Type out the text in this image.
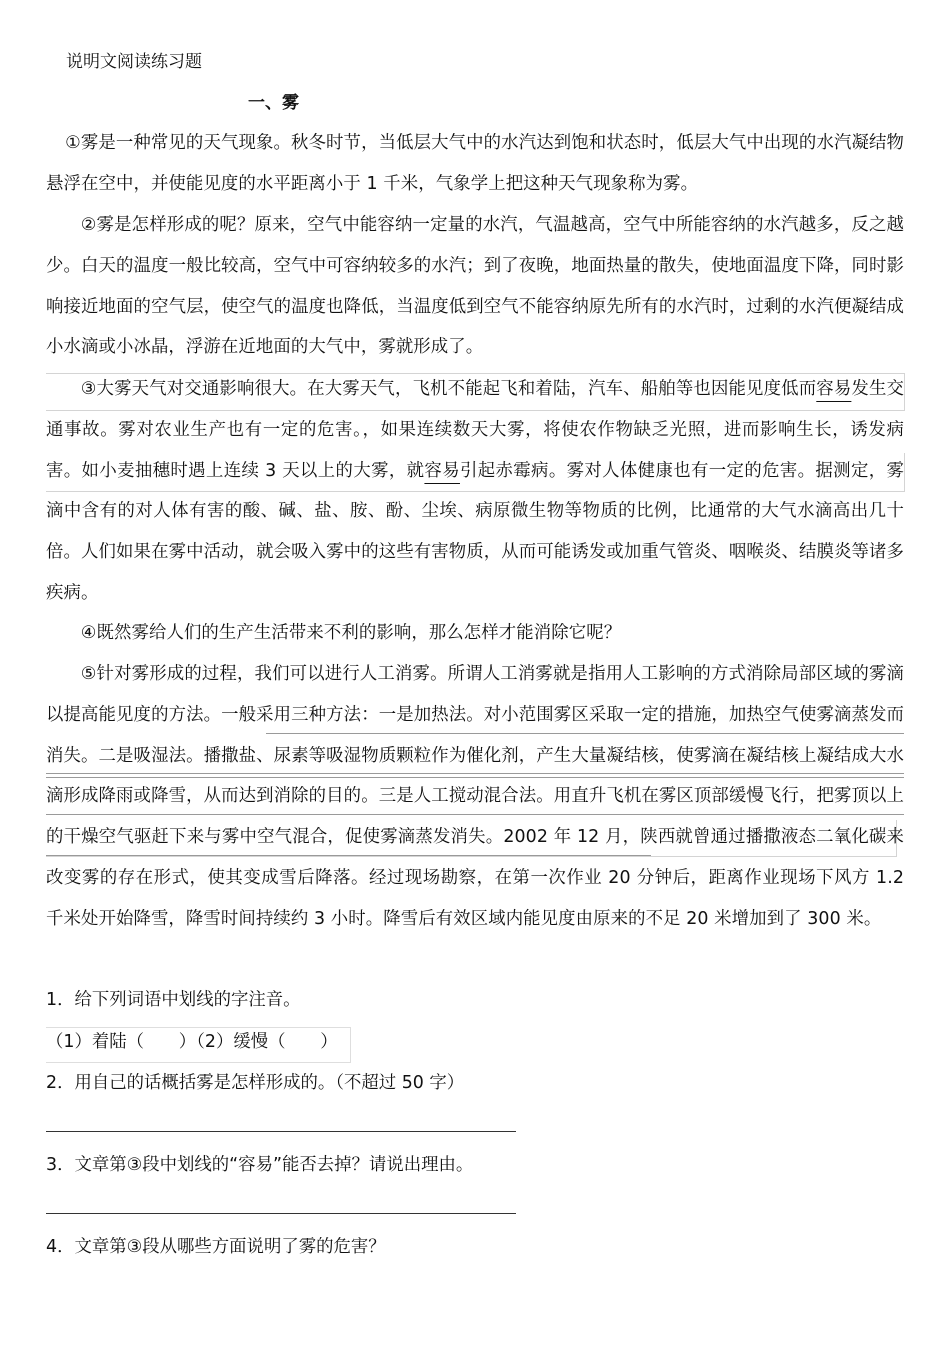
说明文阅读练习题
一、雾

①雾是一种常见的天气现象。秋冬时节，当低层大气中的水汽达到饱和状态时，低层大气中出现的水汽凝结物悬浮在空中，并使能见度的水平距离小于 1 千米，气象学上把这种天气现象称为雾。

②雾是怎样形成的呢？原来，空气中能容纳一定量的水汽，气温越高，空气中所能容纳的水汽越多，反之越少。白天的温度一般比较高，空气中可容纳较多的水汽；到了夜晚，地面热量的散失，使地面温度下降，同时影响接近地面的空气层，使空气的温度也降低，当温度低到空气不能容纳原先所有的水汽时，过剩的水汽便凝结成小水滴或小冰晶，浮游在近地面的大气中，雾就形成了。

③大雾天气对交通影响很大。在大雾天气，飞机不能起飞和着陆，汽车、船舶等也因能见度低而容易发生交通事故。雾对农业生产也有一定的危害。，如果连续数天大雾，将使农作物缺乏光照，进而影响生长，诱发病害。如小麦抽穗时遇上连续 3 天以上的大雾，就容易引起赤霉病。雾对人体健康也有一定的危害。据测定，雾滴中含有的对人体有害的酸、碱、盐、胺、酚、尘埃、病原微生物等物质的比例，比通常的大气水滴高出几十倍。人们如果在雾中活动，就会吸入雾中的这些有害物质，从而可能诱发或加重气管炎、咽喉炎、结膜炎等诸多疾病。

④既然雾给人们的生产生活带来不利的影响，那么怎样才能消除它呢？

⑤针对雾形成的过程，我们可以进行人工消雾。所谓人工消雾就是指用人工影响的方式消除局部区域的雾滴以提高能见度的方法。一般采用三种方法：一是加热法。对小范围雾区采取一定的措施，加热空气使雾滴蒸发而消失。二是吸湿法。播撒盐、尿素等吸湿物质颗粒作为催化剂，产生大量凝结核，使雾滴在凝结核上凝结成大水滴形成降雨或降雪，从而达到消除的目的。三是人工搅动混合法。用直升飞机在雾区顶部缓慢飞行，把雾顶以上的干燥空气驱赶下来与雾中空气混合，促使雾滴蒸发消失。2002 年 12 月，陕西就曾通过播撒液态二氧化碳来改变雾的存在形式，使其变成雪后降落。经过现场勘察，在第一次作业 20 分钟后，距离作业现场下风方 1.2 千米处开始降雪，降雪时间持续约 3 小时。降雪后有效区域内能见度由原来的不足 20 米增加到了 300 米。

1．给下列词语中划线的字注音。

（1）着陆（　　）（2）缓慢（　　）

2．用自己的话概括雾是怎样形成的。（不超过 50 字）

3．文章第③段中划线的“容易”能否去掉？请说出理由。

4．文章第③段从哪些方面说明了雾的危害？
